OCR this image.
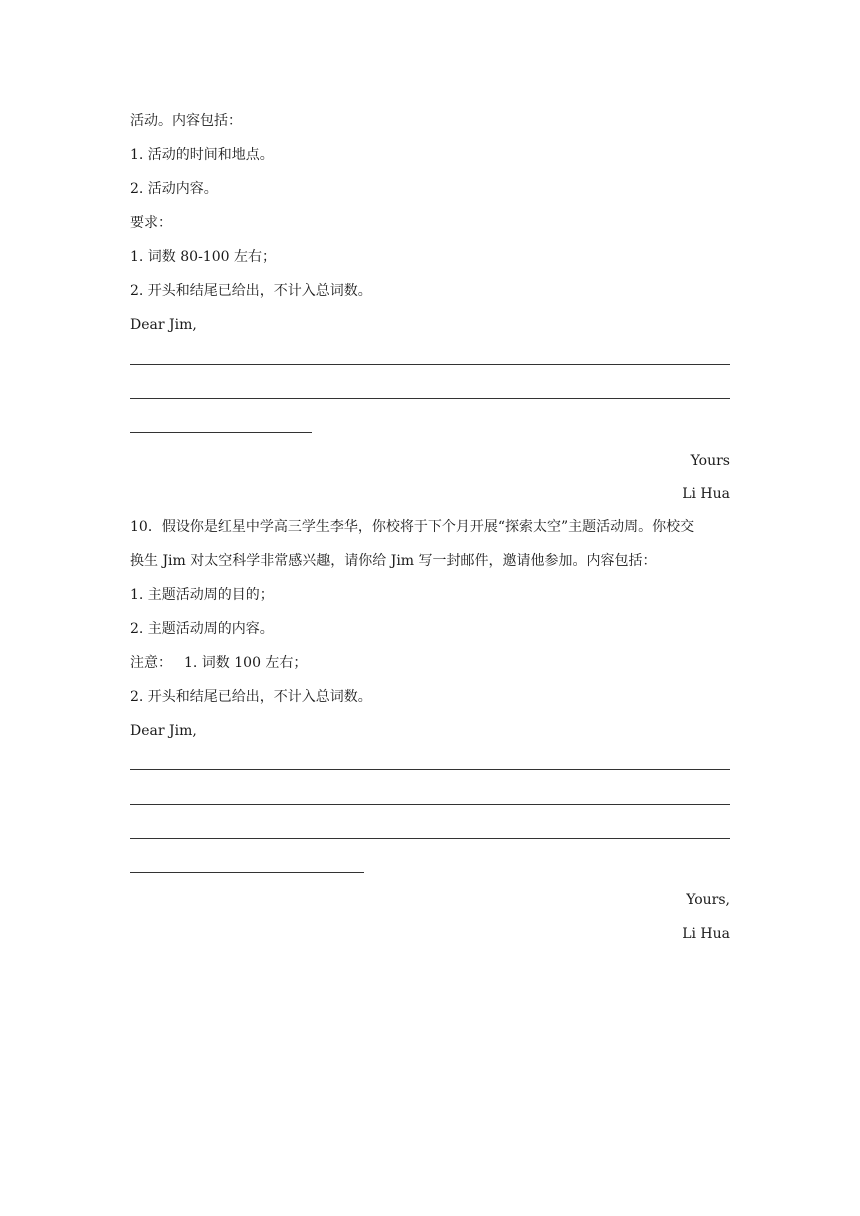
活动。内容包括：
1. 活动的时间和地点。
2. 活动内容。
要求：
1. 词数 80-100 左右；
2. 开头和结尾已给出，不计入总词数。
Dear Jim,
Yours
Li Hua
10．假设你是红星中学高三学生李华，你校将于下个月开展“探索太空”主题活动周。你校交
换生 Jim 对太空科学非常感兴趣，请你给 Jim 写一封邮件，邀请他参加。内容包括：
1. 主题活动周的目的；
2. 主题活动周的内容。
注意： 1. 词数 100 左右；
2. 开头和结尾已给出，不计入总词数。
Dear Jim,
Yours,
Li Hua
